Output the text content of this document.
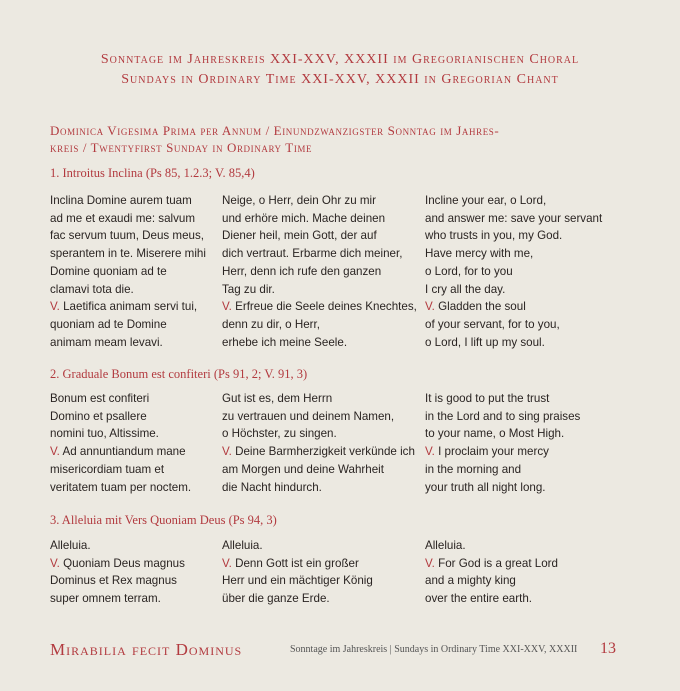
Sonntage im Jahreskreis XXI-XXV, XXXII im Gregorianischen Choral
Sundays in Ordinary Time XXI-XXV, XXXII in Gregorian Chant
Dominica Vigesima Prima per Annum / Einundzwanzigster Sonntag im Jahres-
kreis / Twentyfirst Sunday in Ordinary Time
1. Introitus Inclina (Ps 85, 1.2.3; V. 85,4)
Inclina Domine aurem tuam
ad me et exaudi me: salvum
fac servum tuum, Deus meus,
sperantem in te. Miserere mihi
Domine quoniam ad te
clamavi tota die.
V. Laetifica animam servi tui,
quoniam ad te Domine
animam meam levavi.
Neige, o Herr, dein Ohr zu mir
und erhöre mich. Mache deinen
Diener heil, mein Gott, der auf
dich vertraut. Erbarme dich meiner,
Herr, denn ich rufe den ganzen
Tag zu dir.
V. Erfreue die Seele deines Knechtes,
denn zu dir, o Herr,
erhebe ich meine Seele.
Incline your ear, o Lord,
and answer me: save your servant
who trusts in you, my God.
Have mercy with me,
o Lord, for to you
I cry all the day.
V. Gladden the soul
of your servant, for to you,
o Lord, I lift up my soul.
2. Graduale Bonum est confiteri (Ps 91, 2; V. 91, 3)
Bonum est confiteri
Domino et psallere
nomini tuo, Altissime.
V. Ad annuntiandum mane
misericordiam tuam et
veritatem tuam per noctem.
Gut ist es, dem Herrn
zu vertrauen und deinem Namen,
o Höchster, zu singen.
V. Deine Barmherzigkeit verkünde ich
am Morgen und deine Wahrheit
die Nacht hindurch.
It is good to put the trust
in the Lord and to sing praises
to your name, o Most High.
V. I proclaim your mercy
in the morning and
your truth all night long.
3. Alleluia mit Vers Quoniam Deus (Ps 94, 3)
Alleluia.
V. Quoniam Deus magnus
Dominus et Rex magnus
super omnem terram.
Alleluia.
V. Denn Gott ist ein großer
Herr und ein mächtiger König
über die ganze Erde.
Alleluia.
V. For God is a great Lord
and a mighty king
over the entire earth.
Mirabilia fecit Dominus	Sonntage im Jahreskreis | Sundays in Ordinary Time XXI-XXV, XXXII 13
